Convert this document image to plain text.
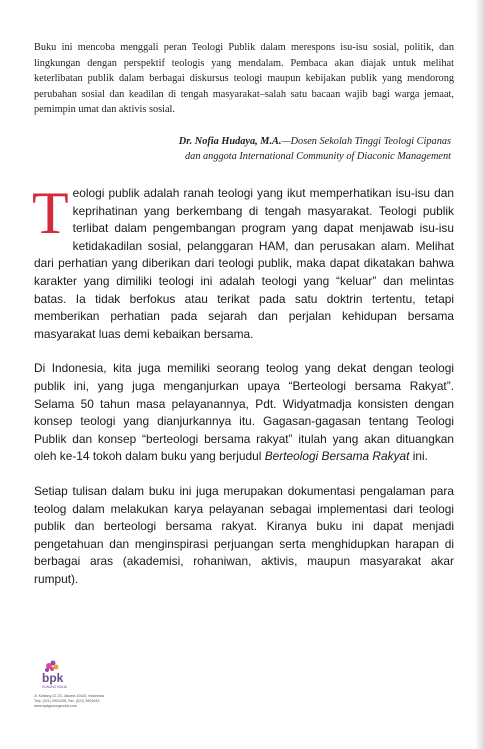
Buku ini mencoba menggali peran Teologi Publik dalam merespons isu-isu sosial, politik, dan lingkungan dengan perspektif teologis yang mendalam. Pembaca akan diajak untuk melihat keterlibatan publik dalam berbagai diskursus teologi maupun kebijakan publik yang mendorong perubahan sosial dan keadilan di tengah masyarakat–salah satu bacaan wajib bagi warga jemaat, pemimpin umat dan aktivis sosial.

Dr. Nofia Hudaya, M.A.—Dosen Sekolah Tinggi Teologi Cipanas
dan anggota International Community of Diaconic Management

Teologi publik adalah ranah teologi yang ikut memperhatikan isu-isu dan keprihatinan yang berkembang di tengah masyarakat. Teologi publik terlibat dalam pengembangan program yang dapat menjawab isu-isu ketidakadilan sosial, pelanggaran HAM, dan perusakan alam. Melihat dari perhatian yang diberikan dari teologi publik, maka dapat dikatakan bahwa karakter yang dimiliki teologi ini adalah teologi yang “keluar” dan melintas batas. Ia tidak berfokus atau terikat pada satu doktrin tertentu, tetapi memberikan perhatian pada sejarah dan perjalan kehidupan bersama masyarakat luas demi kebaikan bersama.

Di Indonesia, kita juga memiliki seorang teolog yang dekat dengan teologi publik ini, yang juga menganjurkan upaya “Berteologi bersama Rakyat”. Selama 50 tahun masa pelayanannya, Pdt. Widyatmadja konsisten dengan konsep teologi yang dianjurkannya itu. Gagasan-gagasan tentang Teologi Publik dan konsep “berteologi bersama rakyat” itulah yang akan dituangkan oleh ke-14 tokoh dalam buku yang berjudul Berteologi Bersama Rakyat ini.

Setiap tulisan dalam buku ini juga merupakan dokumentasi pengalaman para teolog dalam melakukan karya pelayanan sebagai implementasi dari teologi publik dan berteologi bersama rakyat. Kiranya buku ini dapat menjadi pengetahuan dan menginspirasi perjuangan serta menghidupkan harapan di berbagai aras (akademisi, rohaniwan, aktivis, maupun masyarakat akar rumput).

bpk
GUNUNG MULIA
Jl. Kwitang 22-23, Jakarta 10420, Indonesia
Telp. (021) 3901208, Fax. (021) 3901633
www.bpkgunungmulia.com
